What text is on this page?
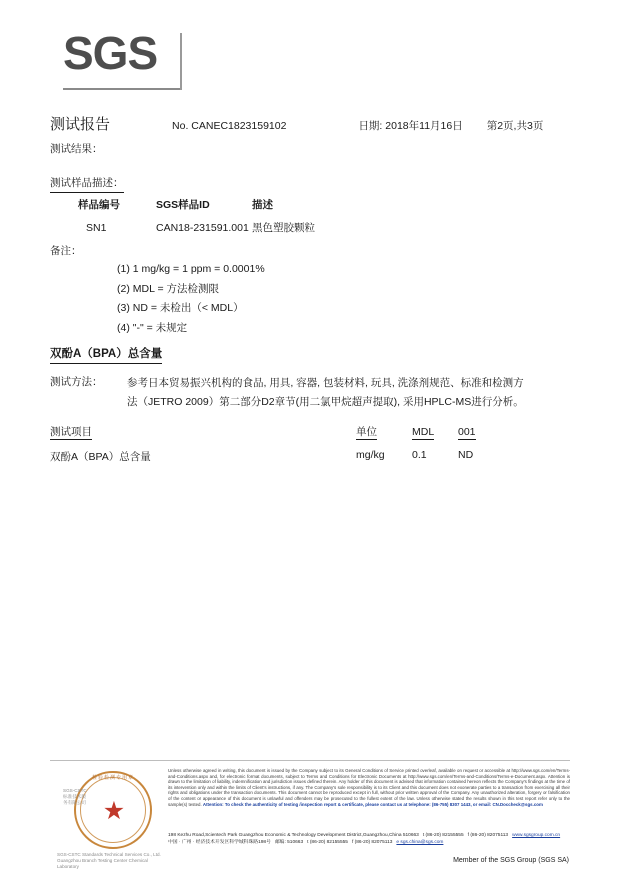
SGS
测试报告	No. CANEC1823159102	日期: 2018年11月16日 第2页,共3页
测试结果：
测试样品描述：
样品编号	SGS样品ID	描述
SN1	CAN18-231591.001	黑色塑胶颗粒
备注：
(1) 1 mg/kg = 1 ppm = 0.0001%
(2) MDL = 方法检测限
(3) ND = 未检出（< MDL）
(4) "-" = 未规定
双酚A（BPA）总含量
测试方法： 参考日本贸易振兴机构的食品, 用具, 容器, 包装材料, 玩具, 洗涤剂规范、标准和检测方
法（JETRO 2009）第二部分D2章节(用二氯甲烷超声提取), 采用HPLC-MS进行分析。
测试项目	单位	MDL	001
双酚A（BPA）总含量	mg/kg	0.1	ND
检验检测专用章
★
SGS-CSTC 标准技术服务有限公司
SGS-CSTC Standards Technical Services Co., Ltd.
Guangzhou Branch Testing Center Chemical Laboratory
Unless otherwise agreed in writing, this document is issued by the Company subject to its General Conditions of Service printed overleaf, available on request or accessible at http://www.sgs.com/en/Terms-and-Conditions.aspx and, for electronic format documents, subject to Terms and Conditions for Electronic Documents at http://www.sgs.com/en/Terms-and-Conditions/Terms-e-Document.aspx. Attention is drawn to the limitation of liability, indemnification and jurisdiction issues defined therein. Any holder of this document is advised that information contained hereon reflects the Company's findings at the time of its intervention only and within the limits of Client's instructions, if any. The Company's sole responsibility is to its Client and this document does not exonerate parties to a transaction from exercising all their rights and obligations under the transaction documents. This document cannot be reproduced except in full, without prior written approval of the Company. Any unauthorized alteration, forgery or falsification of the content or appearance of this document is unlawful and offenders may be prosecuted to the fullest extent of the law. Unless otherwise stated the results shown in this test report refer only to the sample(s) tested. Attention: To check the authenticity of testing /inspection report & certificate, please contact us at telephone: (86-755) 8307 1443, or email: CN.Doccheck@sgs.com
198 Kezhu Road,Scientech Park Guangzhou Economic & Technology Development District,Guangzhou,China 510663 t (86-20) 82155555 f (86-20) 82075113 www.sgsgroup.com.cn
中国 · 广州 · 经济技术开发区科学城科珠路198号 邮编: 510663 t (86-20) 82155555 f (86-20) 82075113 e sgs.china@sgs.com
Member of the SGS Group (SGS SA)
